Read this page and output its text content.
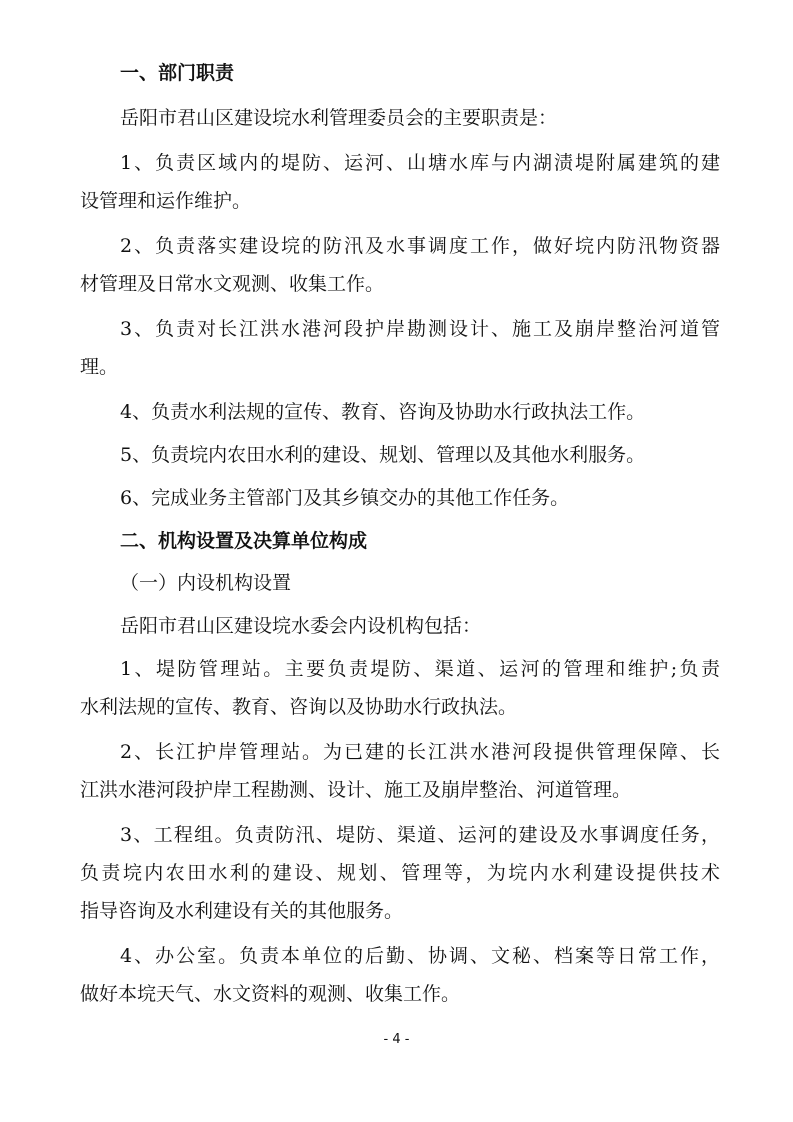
一、部门职责
岳阳市君山区建设垸水利管理委员会的主要职责是：
1、负责区域内的堤防、运河、山塘水库与内湖渍堤附属建筑的建
设管理和运作维护。
2、负责落实建设垸的防汛及水事调度工作，做好垸内防汛物资器
材管理及日常水文观测、收集工作。
3、负责对长江洪水港河段护岸勘测设计、施工及崩岸整治河道管
理。
4、负责水利法规的宣传、教育、咨询及协助水行政执法工作。
5、负责垸内农田水利的建设、规划、管理以及其他水利服务。
6、完成业务主管部门及其乡镇交办的其他工作任务。
二、机构设置及决算单位构成
（一）内设机构设置
岳阳市君山区建设垸水委会内设机构包括：
1、堤防管理站。主要负责堤防、渠道、运河的管理和维护;负责
水利法规的宣传、教育、咨询以及协助水行政执法。
2、长江护岸管理站。为已建的长江洪水港河段提供管理保障、长
江洪水港河段护岸工程勘测、设计、施工及崩岸整治、河道管理。
3、工程组。负责防汛、堤防、渠道、运河的建设及水事调度任务，
负责垸内农田水利的建设、规划、管理等，为垸内水利建设提供技术
指导咨询及水利建设有关的其他服务。
4、办公室。负责本单位的后勤、协调、文秘、档案等日常工作，
做好本垸天气、水文资料的观测、收集工作。
- 4 -
